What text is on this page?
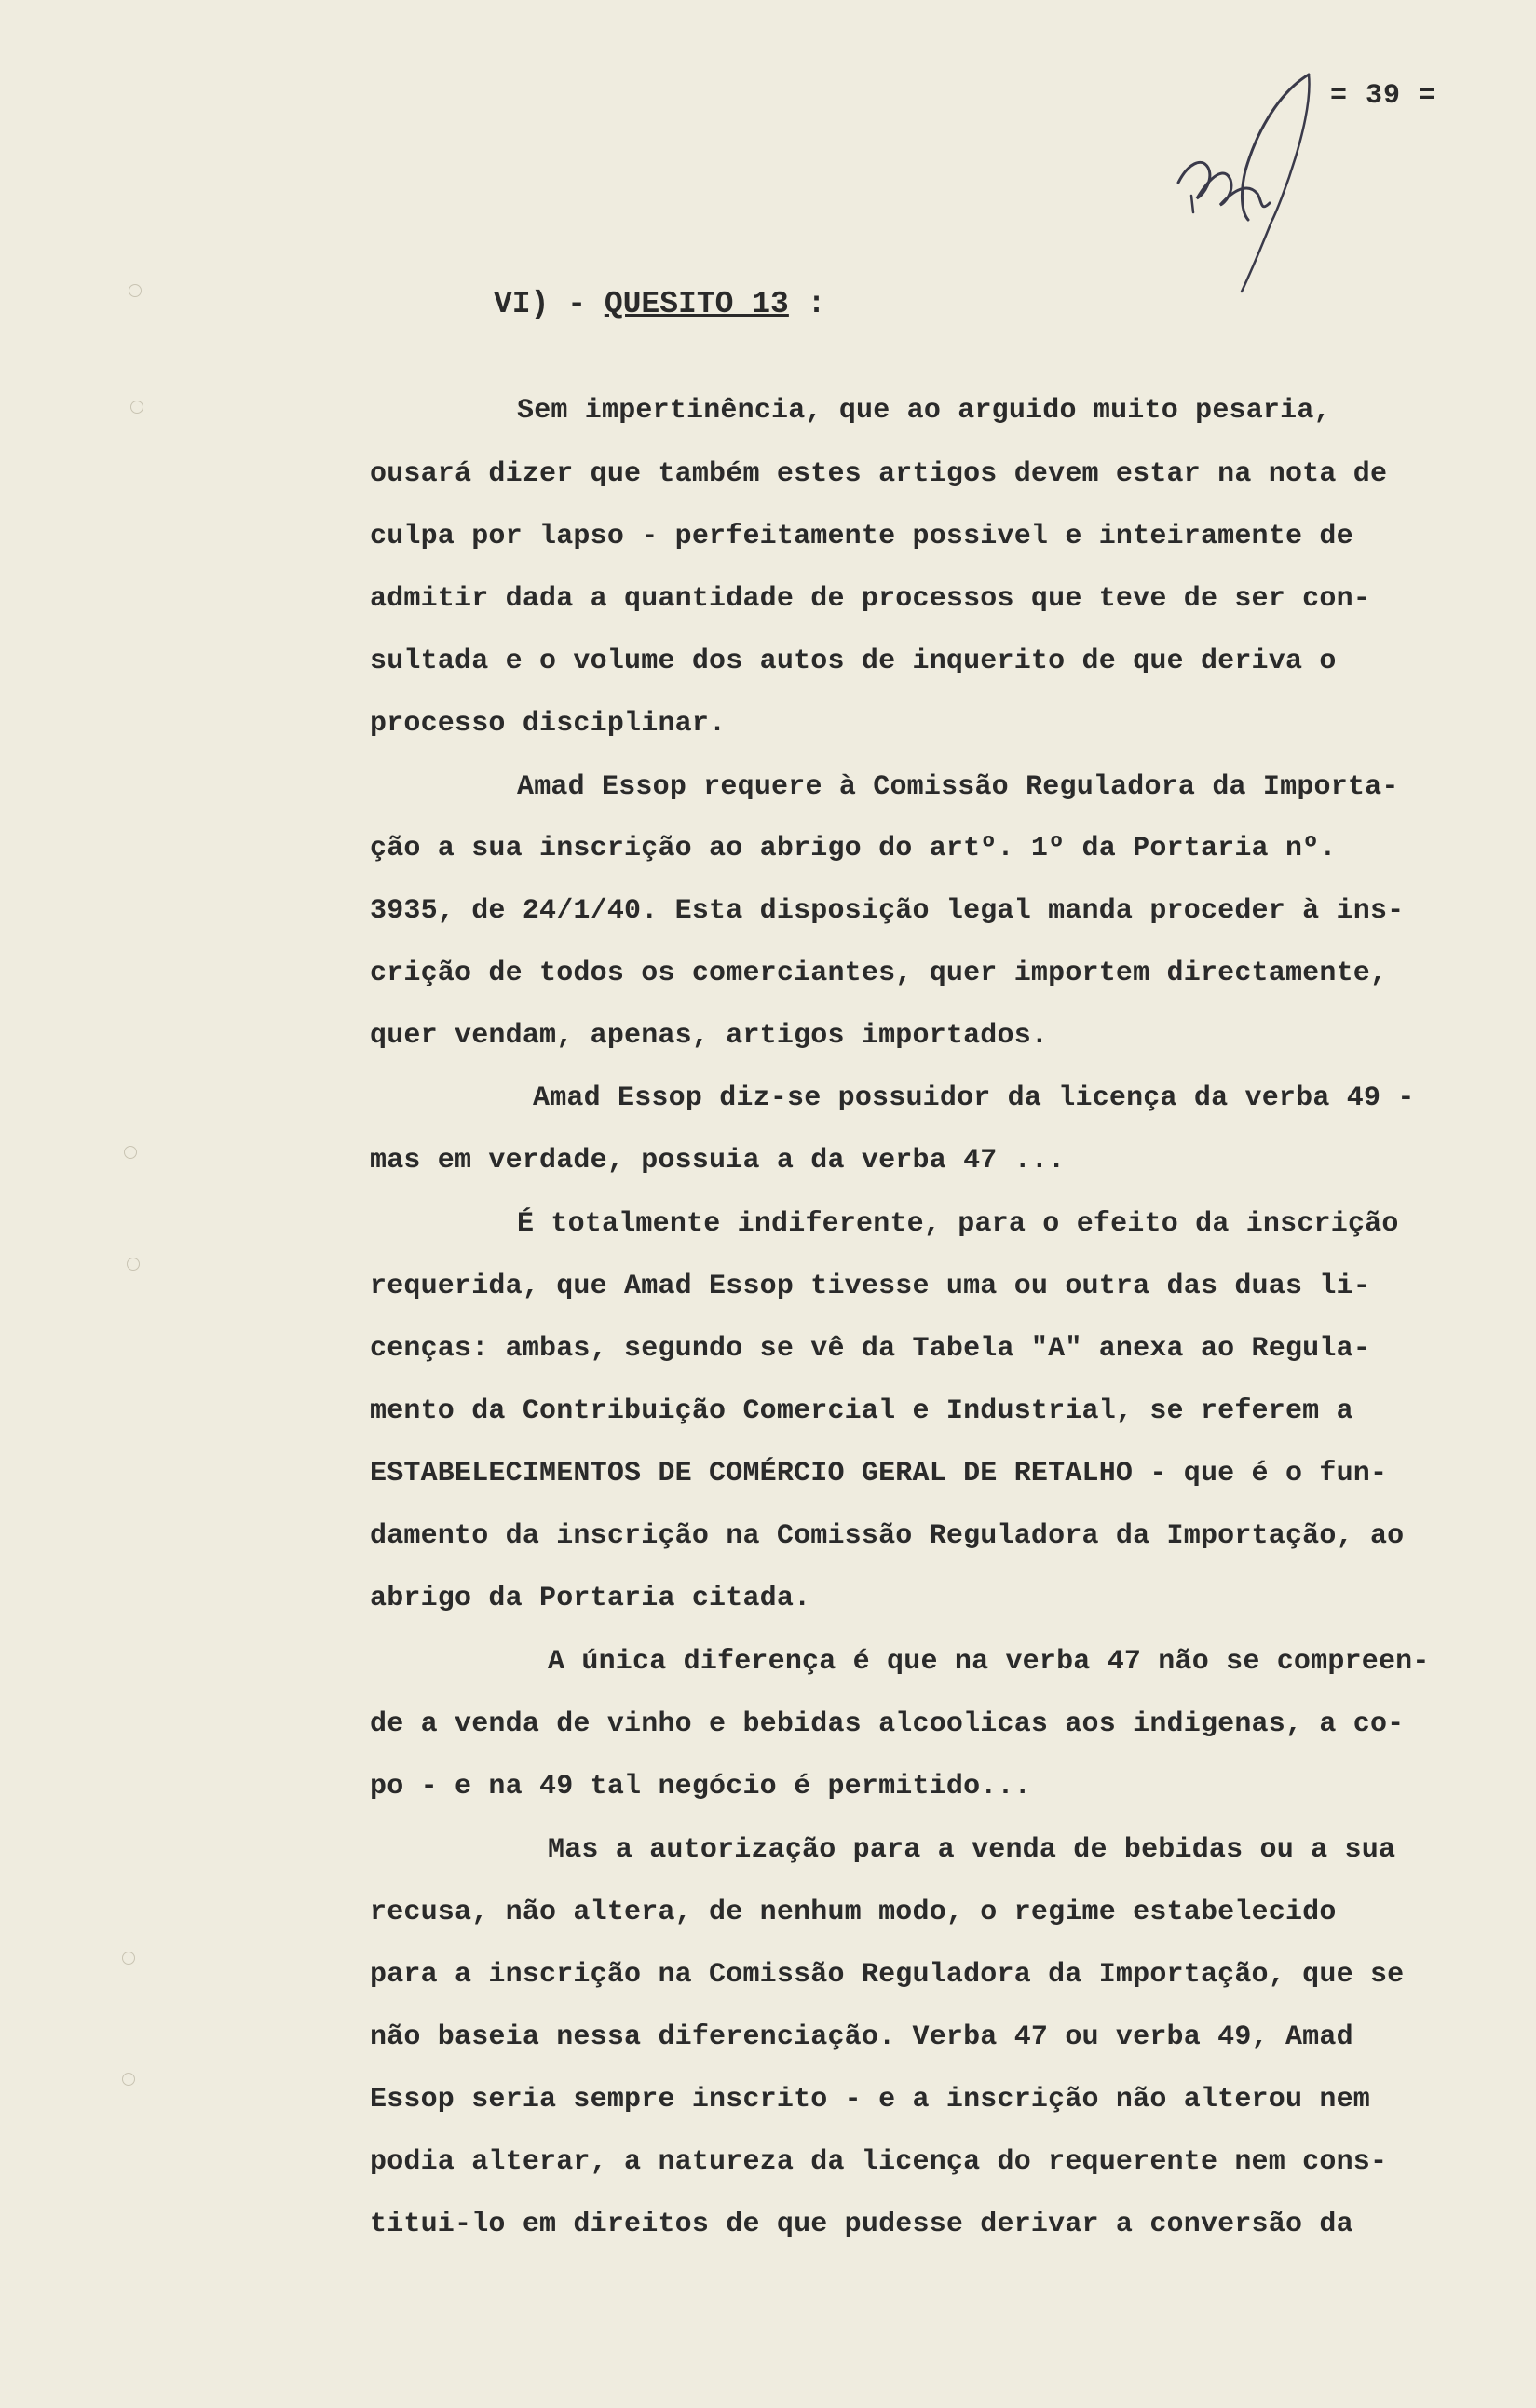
= 39 =
VI) - QUESITO 13 :
Sem impertinência, que ao arguido muito pesaria,
ousará dizer que também estes artigos devem estar na nota de
culpa por lapso - perfeitamente possivel e inteiramente de
admitir dada a quantidade de processos que teve de ser con-
sultada e o volume dos autos de inquerito de que deriva o
processo disciplinar.
Amad Essop requere à Comissão Reguladora da Importa-
ção a sua inscrição ao abrigo do artº. 1º da Portaria nº.
3935, de 24/1/40. Esta disposição legal manda proceder à ins-
crição de todos os comerciantes, quer importem directamente,
quer vendam, apenas, artigos importados.
Amad Essop diz-se possuidor da licença da verba 49 -
mas em verdade, possuia a da verba 47 ...
É totalmente indiferente, para o efeito da inscrição
requerida, que Amad Essop tivesse uma ou outra das duas li-
cenças: ambas, segundo se vê da Tabela "A" anexa ao Regula-
mento da Contribuição Comercial e Industrial, se referem a
ESTABELECIMENTOS DE COMÉRCIO GERAL DE RETALHO - que é o fun-
damento da inscrição na Comissão Reguladora da Importação, ao
abrigo da Portaria citada.
A única diferença é que na verba 47 não se compreen-
de a venda de vinho e bebidas alcoolicas aos indigenas, a co-
po - e na 49 tal negócio é permitido...
Mas a autorização para a venda de bebidas ou a sua
recusa, não altera, de nenhum modo, o regime estabelecido
para a inscrição na Comissão Reguladora da Importação, que se
não baseia nessa diferenciação. Verba 47 ou verba 49, Amad
Essop seria sempre inscrito - e a inscrição não alterou nem
podia alterar, a natureza da licença do requerente nem cons-
titui-lo em direitos de que pudesse derivar a conversão da
